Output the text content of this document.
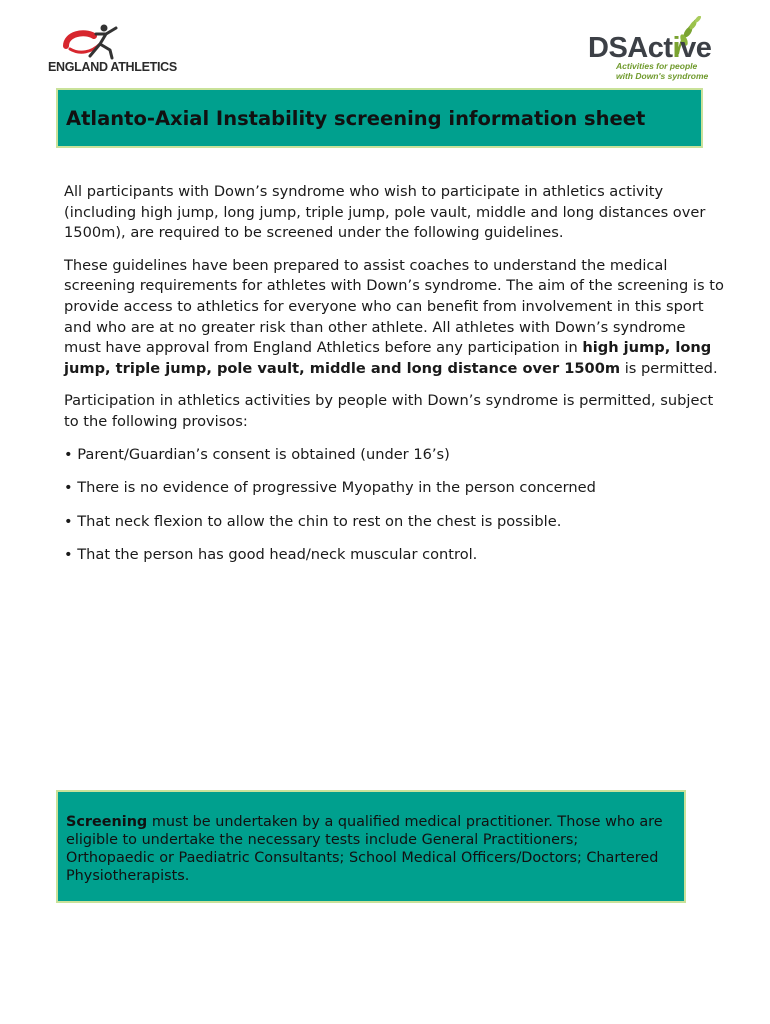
ENGLAND ATHLETICS
DSActive
Activities for people
with Down's syndrome
Atlanto-Axial Instability screening information sheet

All participants with Down’s syndrome who wish to participate in athletics activity (including high jump, long jump, triple jump, pole vault, middle and long distances over 1500m), are required to be screened under the following guidelines.

These guidelines have been prepared to assist coaches to understand the medical screening requirements for athletes with Down’s syndrome. The aim of the screening is to provide access to athletics for everyone who can benefit from involvement in this sport and who are at no greater risk than other athlete. All athletes with Down’s syndrome must have approval from England Athletics before any participation in high jump, long jump, triple jump, pole vault, middle and long distance over 1500m is permitted.

Participation in athletics activities by people with Down’s syndrome is permitted, subject to the following provisos:

• Parent/Guardian’s consent is obtained (under 16’s)

• There is no evidence of progressive Myopathy in the person concerned

• That neck flexion to allow the chin to rest on the chest is possible.

• That the person has good head/neck muscular control.

Screening must be undertaken by a qualified medical practitioner. Those who are eligible to undertake the necessary tests include General Practitioners; Orthopaedic or Paediatric Consultants; School Medical Officers/Doctors; Chartered Physiotherapists.
